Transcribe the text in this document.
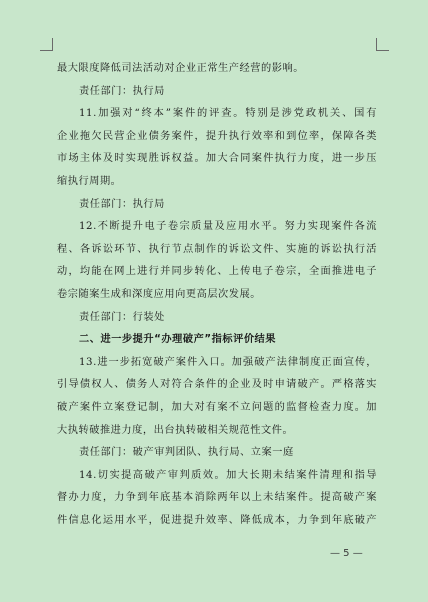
最大限度降低司法活动对企业正常生产经营的影响。
责任部门：执行局
11.加强对“终本”案件的评查。特别是涉党政机关、国有
企业拖欠民营企业债务案件，提升执行效率和到位率，保障各类
市场主体及时实现胜诉权益。加大合同案件执行力度，进一步压
缩执行周期。
责任部门：执行局
12.不断提升电子卷宗质量及应用水平。努力实现案件各流
程、各诉讼环节、执行节点制作的诉讼文件、实施的诉讼执行活
动，均能在网上进行并同步转化、上传电子卷宗，全面推进电子
卷宗随案生成和深度应用向更高层次发展。
责任部门：行装处
二、进一步提升“办理破产”指标评价结果
13.进一步拓宽破产案件入口。加强破产法律制度正面宣传，
引导债权人、债务人对符合条件的企业及时申请破产。严格落实
破产案件立案登记制，加大对有案不立问题的监督检查力度。加
大执转破推进力度，出台执转破相关规范性文件。
责任部门：破产审判团队、执行局、立案一庭
14.切实提高破产审判质效。加大长期未结案件清理和指导
督办力度，力争到年底基本消除两年以上未结案件。提高破产案
件信息化运用水平，促进提升效率、降低成本，力争到年底破产
— 5 —
